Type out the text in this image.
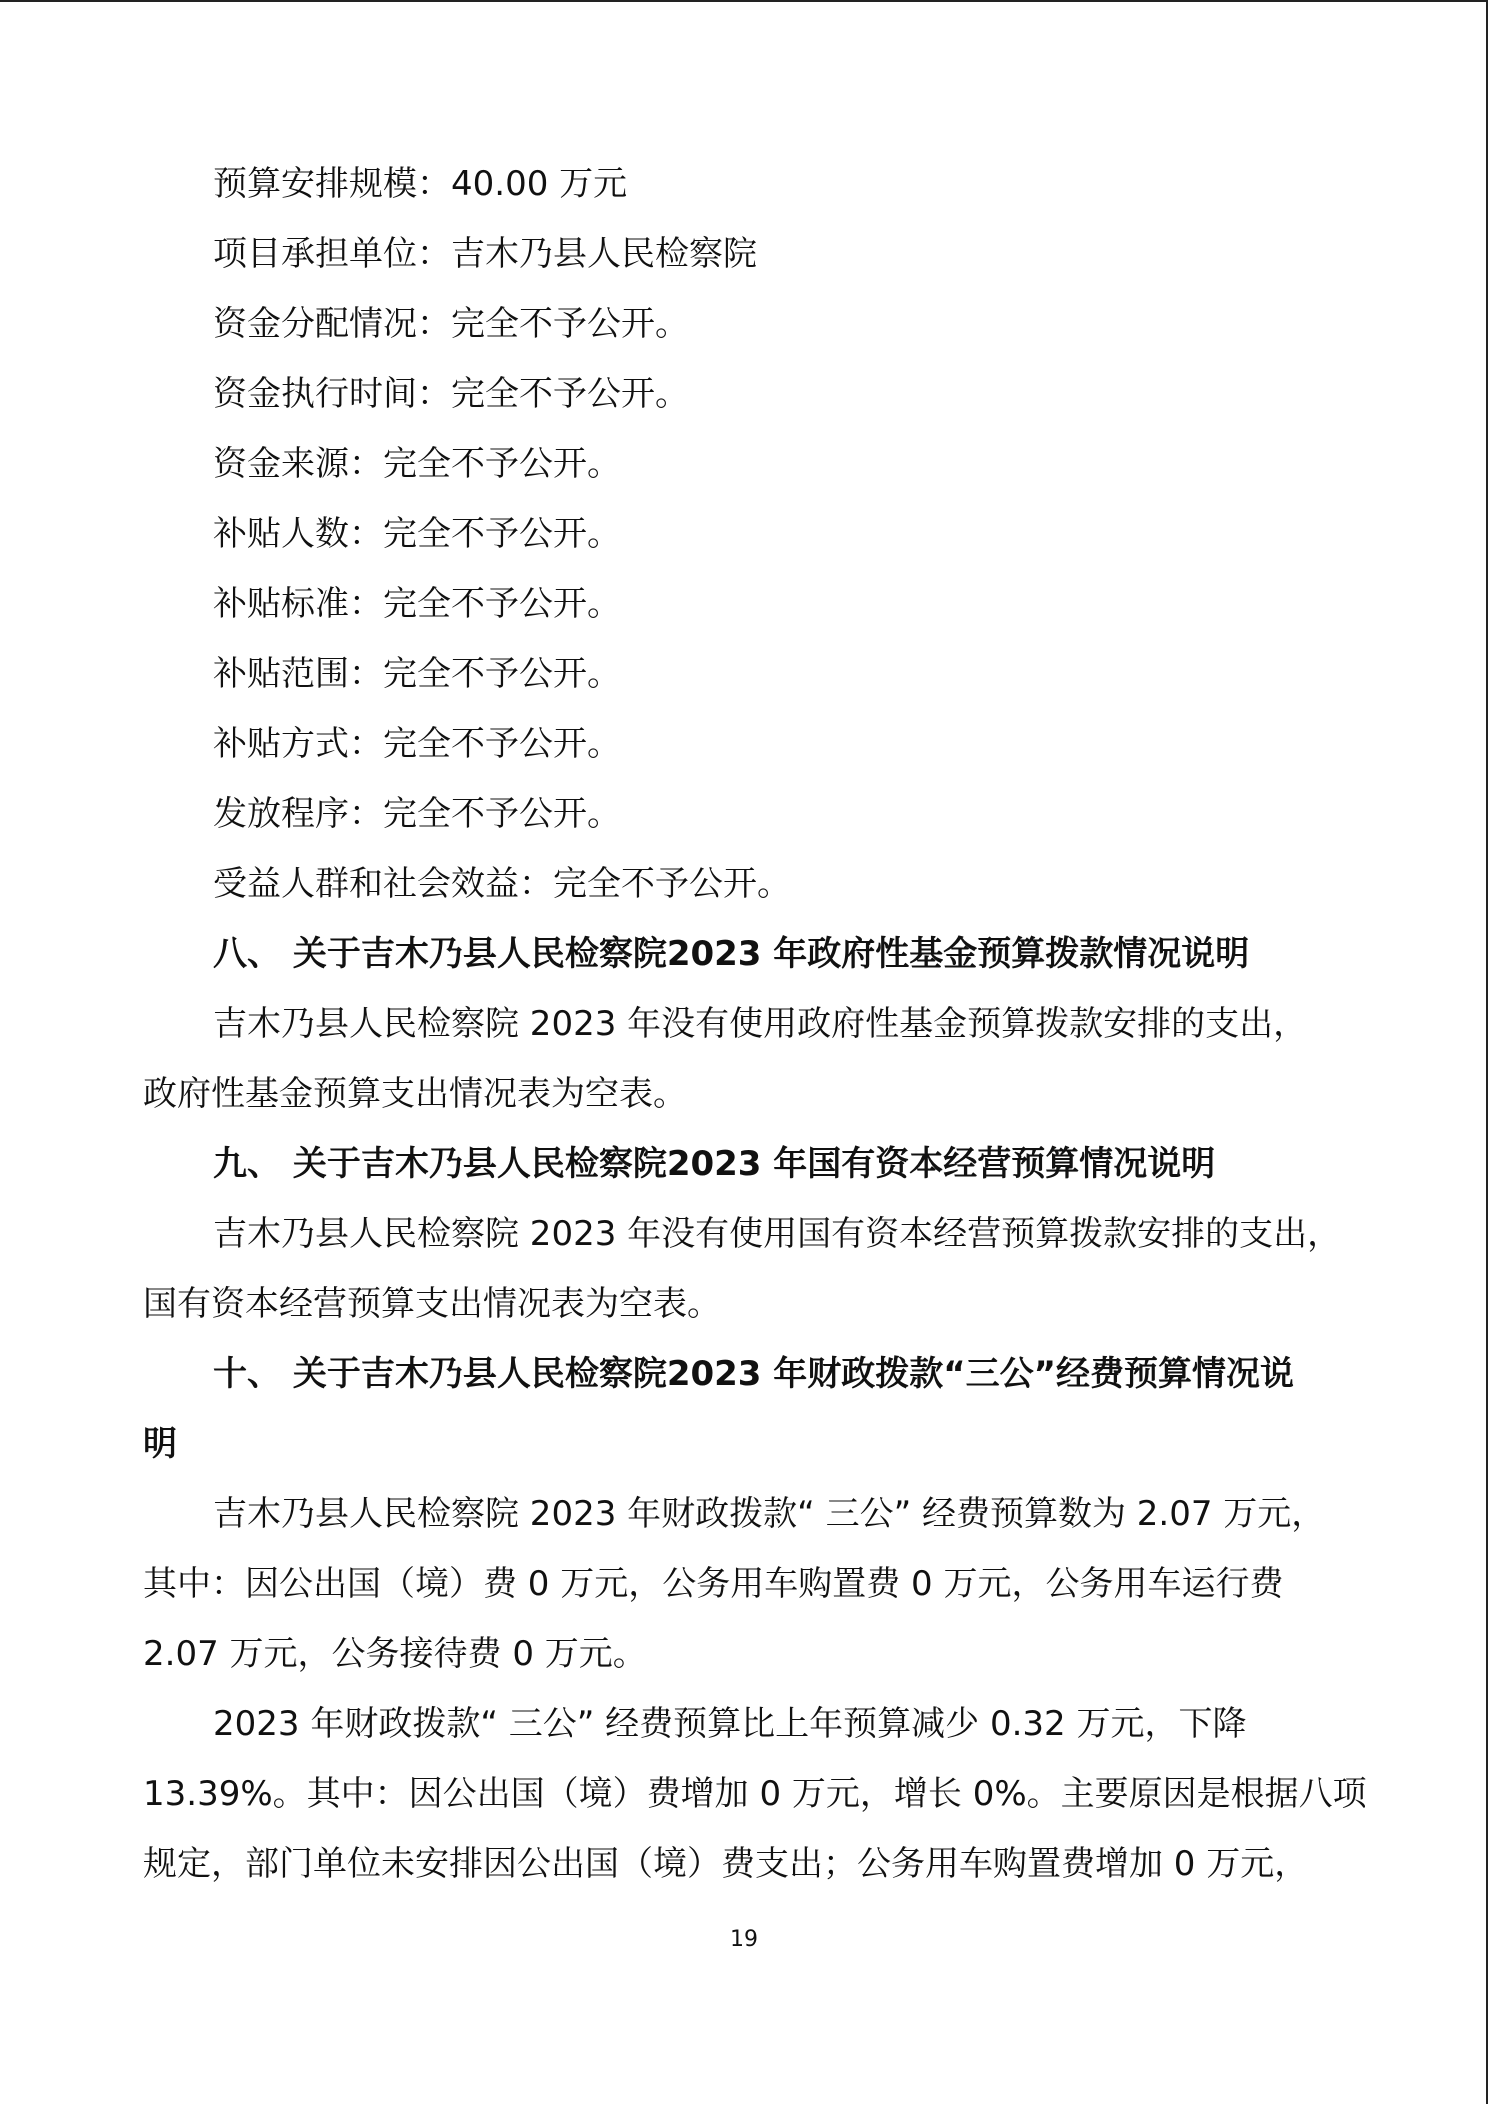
预算安排规模：40.00 万元
项目承担单位：吉木乃县人民检察院
资金分配情况：完全不予公开。
资金执行时间：完全不予公开。
资金来源：完全不予公开。
补贴人数：完全不予公开。
补贴标准：完全不予公开。
补贴范围：完全不予公开。
补贴方式：完全不予公开。
发放程序：完全不予公开。
受益人群和社会效益：完全不予公开。
八、 关于吉木乃县人民检察院2023 年政府性基金预算拨款情况说明
吉木乃县人民检察院 2023 年没有使用政府性基金预算拨款安排的支出，
政府性基金预算支出情况表为空表。
九、 关于吉木乃县人民检察院2023 年国有资本经营预算情况说明
吉木乃县人民检察院 2023 年没有使用国有资本经营预算拨款安排的支出，
国有资本经营预算支出情况表为空表。
十、 关于吉木乃县人民检察院2023 年财政拨款“三公”经费预算情况说
明
吉木乃县人民检察院 2023 年财政拨款“ 三公” 经费预算数为 2.07 万元，
其中：因公出国（境）费 0 万元，公务用车购置费 0 万元，公务用车运行费
2.07 万元，公务接待费 0 万元。
2023 年财政拨款“ 三公” 经费预算比上年预算减少 0.32 万元，下降
13.39%。其中：因公出国（境）费增加 0 万元，增长 0%。主要原因是根据八项
规定，部门单位未安排因公出国（境）费支出；公务用车购置费增加 0 万元，
19
